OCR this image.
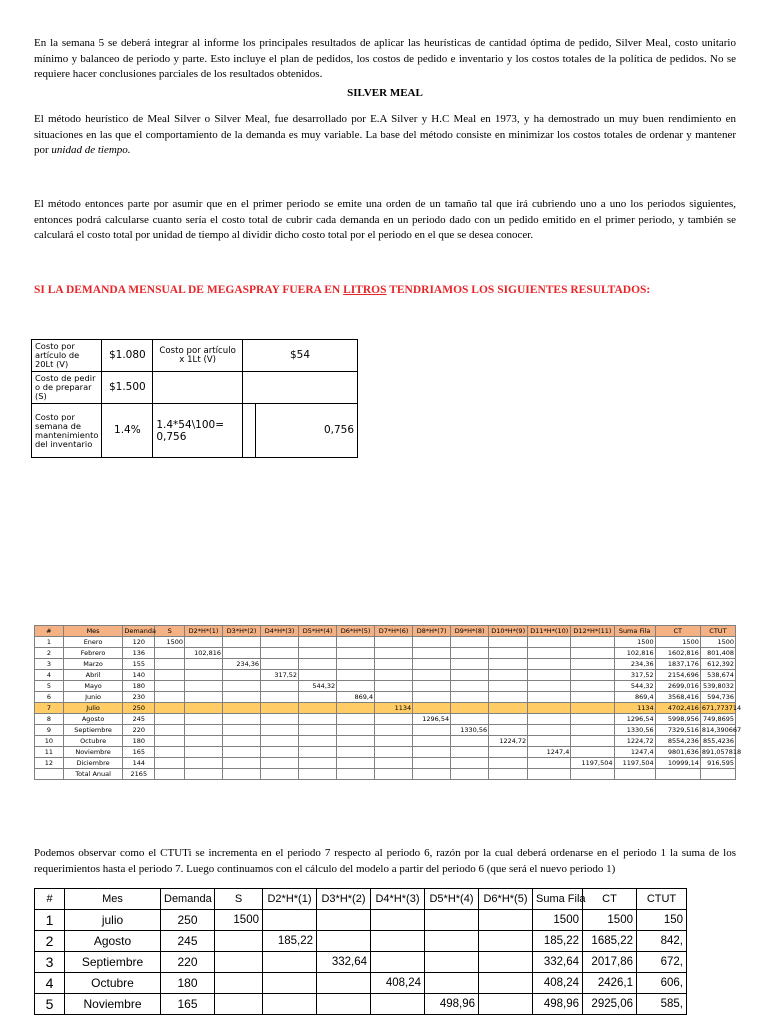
En la semana 5 se deberá integrar al informe los principales resultados de aplicar las heurísticas de cantidad óptima de pedido, Silver Meal, costo unitario mínimo y balanceo de periodo y parte. Esto incluye el plan de pedidos, los costos de pedido e inventario y los costos totales de la política de pedidos. No se requiere hacer conclusiones parciales de los resultados obtenidos.

SILVER MEAL

El método heurístico de Meal Silver o Silver Meal, fue desarrollado por E.A Silver y H.C Meal en 1973, y ha demostrado un muy buen rendimiento en situaciones en las que el comportamiento de la demanda es muy variable. La base del método consiste en minimizar los costos totales de ordenar y mantener por unidad de tiempo.

El método entonces parte por asumir que en el primer periodo se emite una orden de un tamaño tal que irá cubriendo uno a uno los periodos siguientes, entonces podrá calcularse cuanto sería el costo total de cubrir cada demanda en un periodo dado con un pedido emitido en el primer periodo, y también se calculará el costo total por unidad de tiempo al dividir dicho costo total por el periodo en el que se desea conocer.

SI LA DEMANDA MENSUAL DE MEGASPRAY FUERA EN LITROS TENDRIAMOS LOS SIGUIENTES RESULTADOS:

Costo por artículo de 20Lt (V)	$1.080	Costo por artículo x 1Lt (V)	$54	
Costo de pedir o de preparar (S)	$1.500			
Costo por semana de mantenimiento del inventario	1.4%	1.4*54\100= 0,756		0,756
#	Mes	Demanda	S	D2*H*(1)	D3*H*(2)	D4*H*(3)	D5*H*(4)	D6*H*(5)	D7*H*(6)	D8*H*(7)	D9*H*(8)	D10*H*(9)	D11*H*(10)	D12*H*(11)	Suma Fila	CT	CTUT
1	Enero	120	1500												1500	1500	1500
2	Febrero	136		102,816											102,816	1602,816	801,408
3	Marzo	155			234,36										234,36	1837,176	612,392
4	Abril	140				317,52									317,52	2154,696	538,674
5	Mayo	180					544,32								544,32	2699,016	539,8032
6	Junio	230						869,4							869,4	3568,416	594,736
7	Julio	250							1134						1134	4702,416	671,773714
8	Agosto	245								1296,54					1296,54	5998,956	749,8695
9	Septiembre	220									1330,56				1330,56	7329,516	814,390667
10	Octubre	180										1224,72			1224,72	8554,236	855,4236
11	Noviembre	165											1247,4		1247,4	9801,636	891,057818
12	Diciembre	144												1197,504	1197,504	10999,14	916,595
	Total Anual	2165															

Podemos observar como el CTUTi se incrementa en el periodo 7 respecto al periodo 6, razón por la cual deberá ordenarse en el periodo 1 la suma de los requerimientos hasta el periodo 7. Luego continuamos con el cálculo del modelo a partir del periodo 6 (que será el nuevo periodo 1)

#	Mes	Demanda	S	D2*H*(1)	D3*H*(2)	D4*H*(3)	D5*H*(4)	D6*H*(5)	Suma Fila	CT	CTUT
1	julio	250	1500						1500	1500	150
2	Agosto	245		185,22					185,22	1685,22	842,
3	Septiembre	220			332,64				332,64	2017,86	672,
4	Octubre	180				408,24			408,24	2426,1	606,
5	Noviembre	165					498,96		498,96	2925,06	585,
